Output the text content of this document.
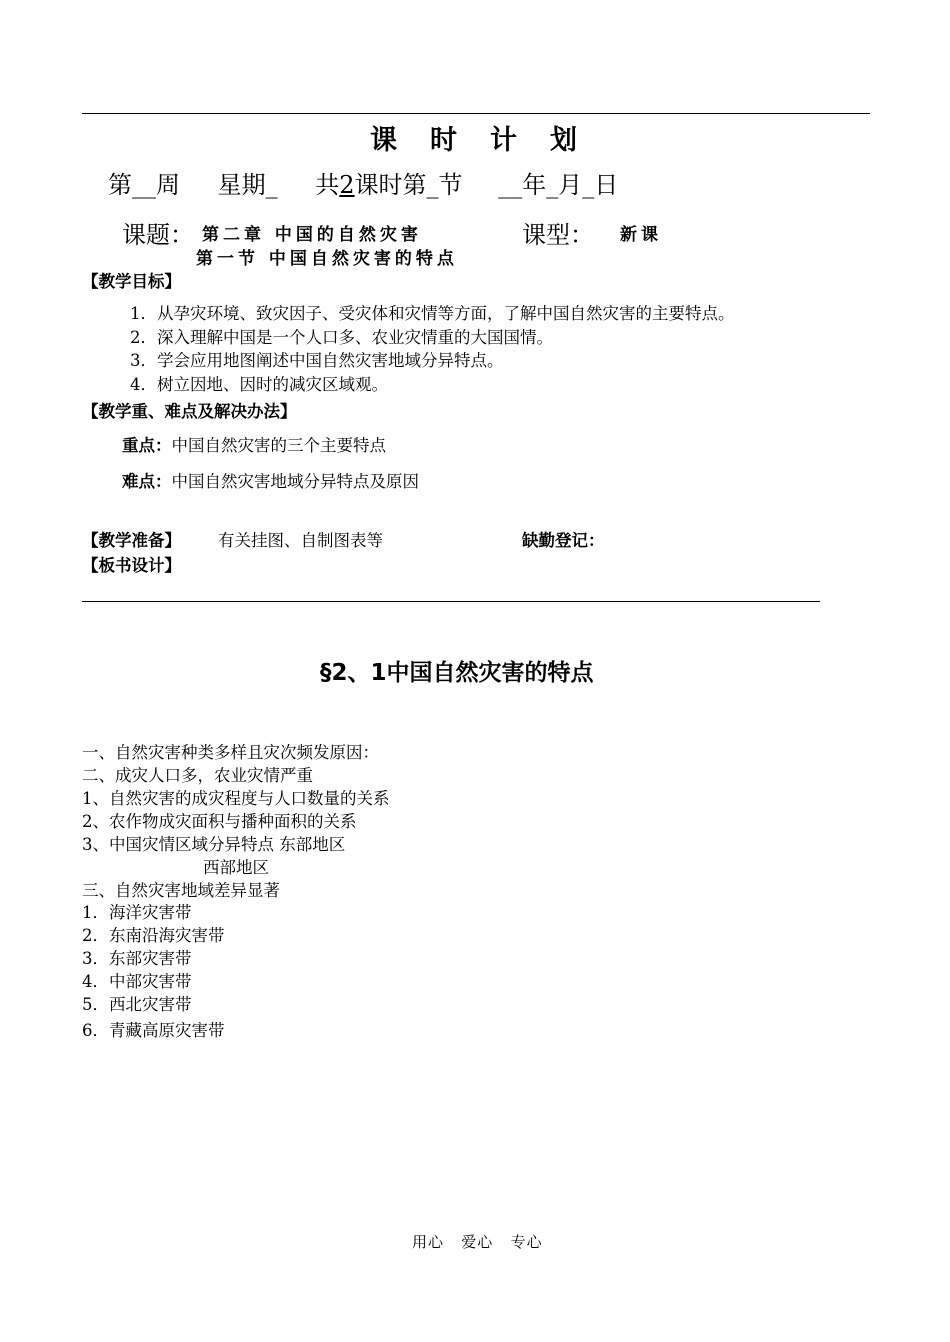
课时计划
第__周 星期_ 共2课时第_节 __年_月_日
课题： 第二章 中国的自然灾害
第一节 中国自然灾害的特点
课型： 新课
【教学目标】
1．从孕灾环境、致灾因子、受灾体和灾情等方面，了解中国自然灾害的主要特点。
2．深入理解中国是一个人口多、农业灾情重的大国国情。
3．学会应用地图阐述中国自然灾害地域分异特点。
4．树立因地、因时的减灾区域观。
【教学重、难点及解决办法】
重点：中国自然灾害的三个主要特点
难点：中国自然灾害地域分异特点及原因
【教学准备】 有关挂图、自制图表等	缺勤登记：
【板书设计】
§2、1中国自然灾害的特点
一、自然灾害种类多样且灾次频发原因：
二、成灾人口多，农业灾情严重
1、自然灾害的成灾程度与人口数量的关系
2、农作物成灾面积与播种面积的关系
3、中国灾情区域分异特点 东部地区
西部地区
三、自然灾害地域差异显著
1．海洋灾害带
2．东南沿海灾害带
3．东部灾害带
4．中部灾害带
5．西北灾害带
6．青藏高原灾害带
用心   爱心   专心
